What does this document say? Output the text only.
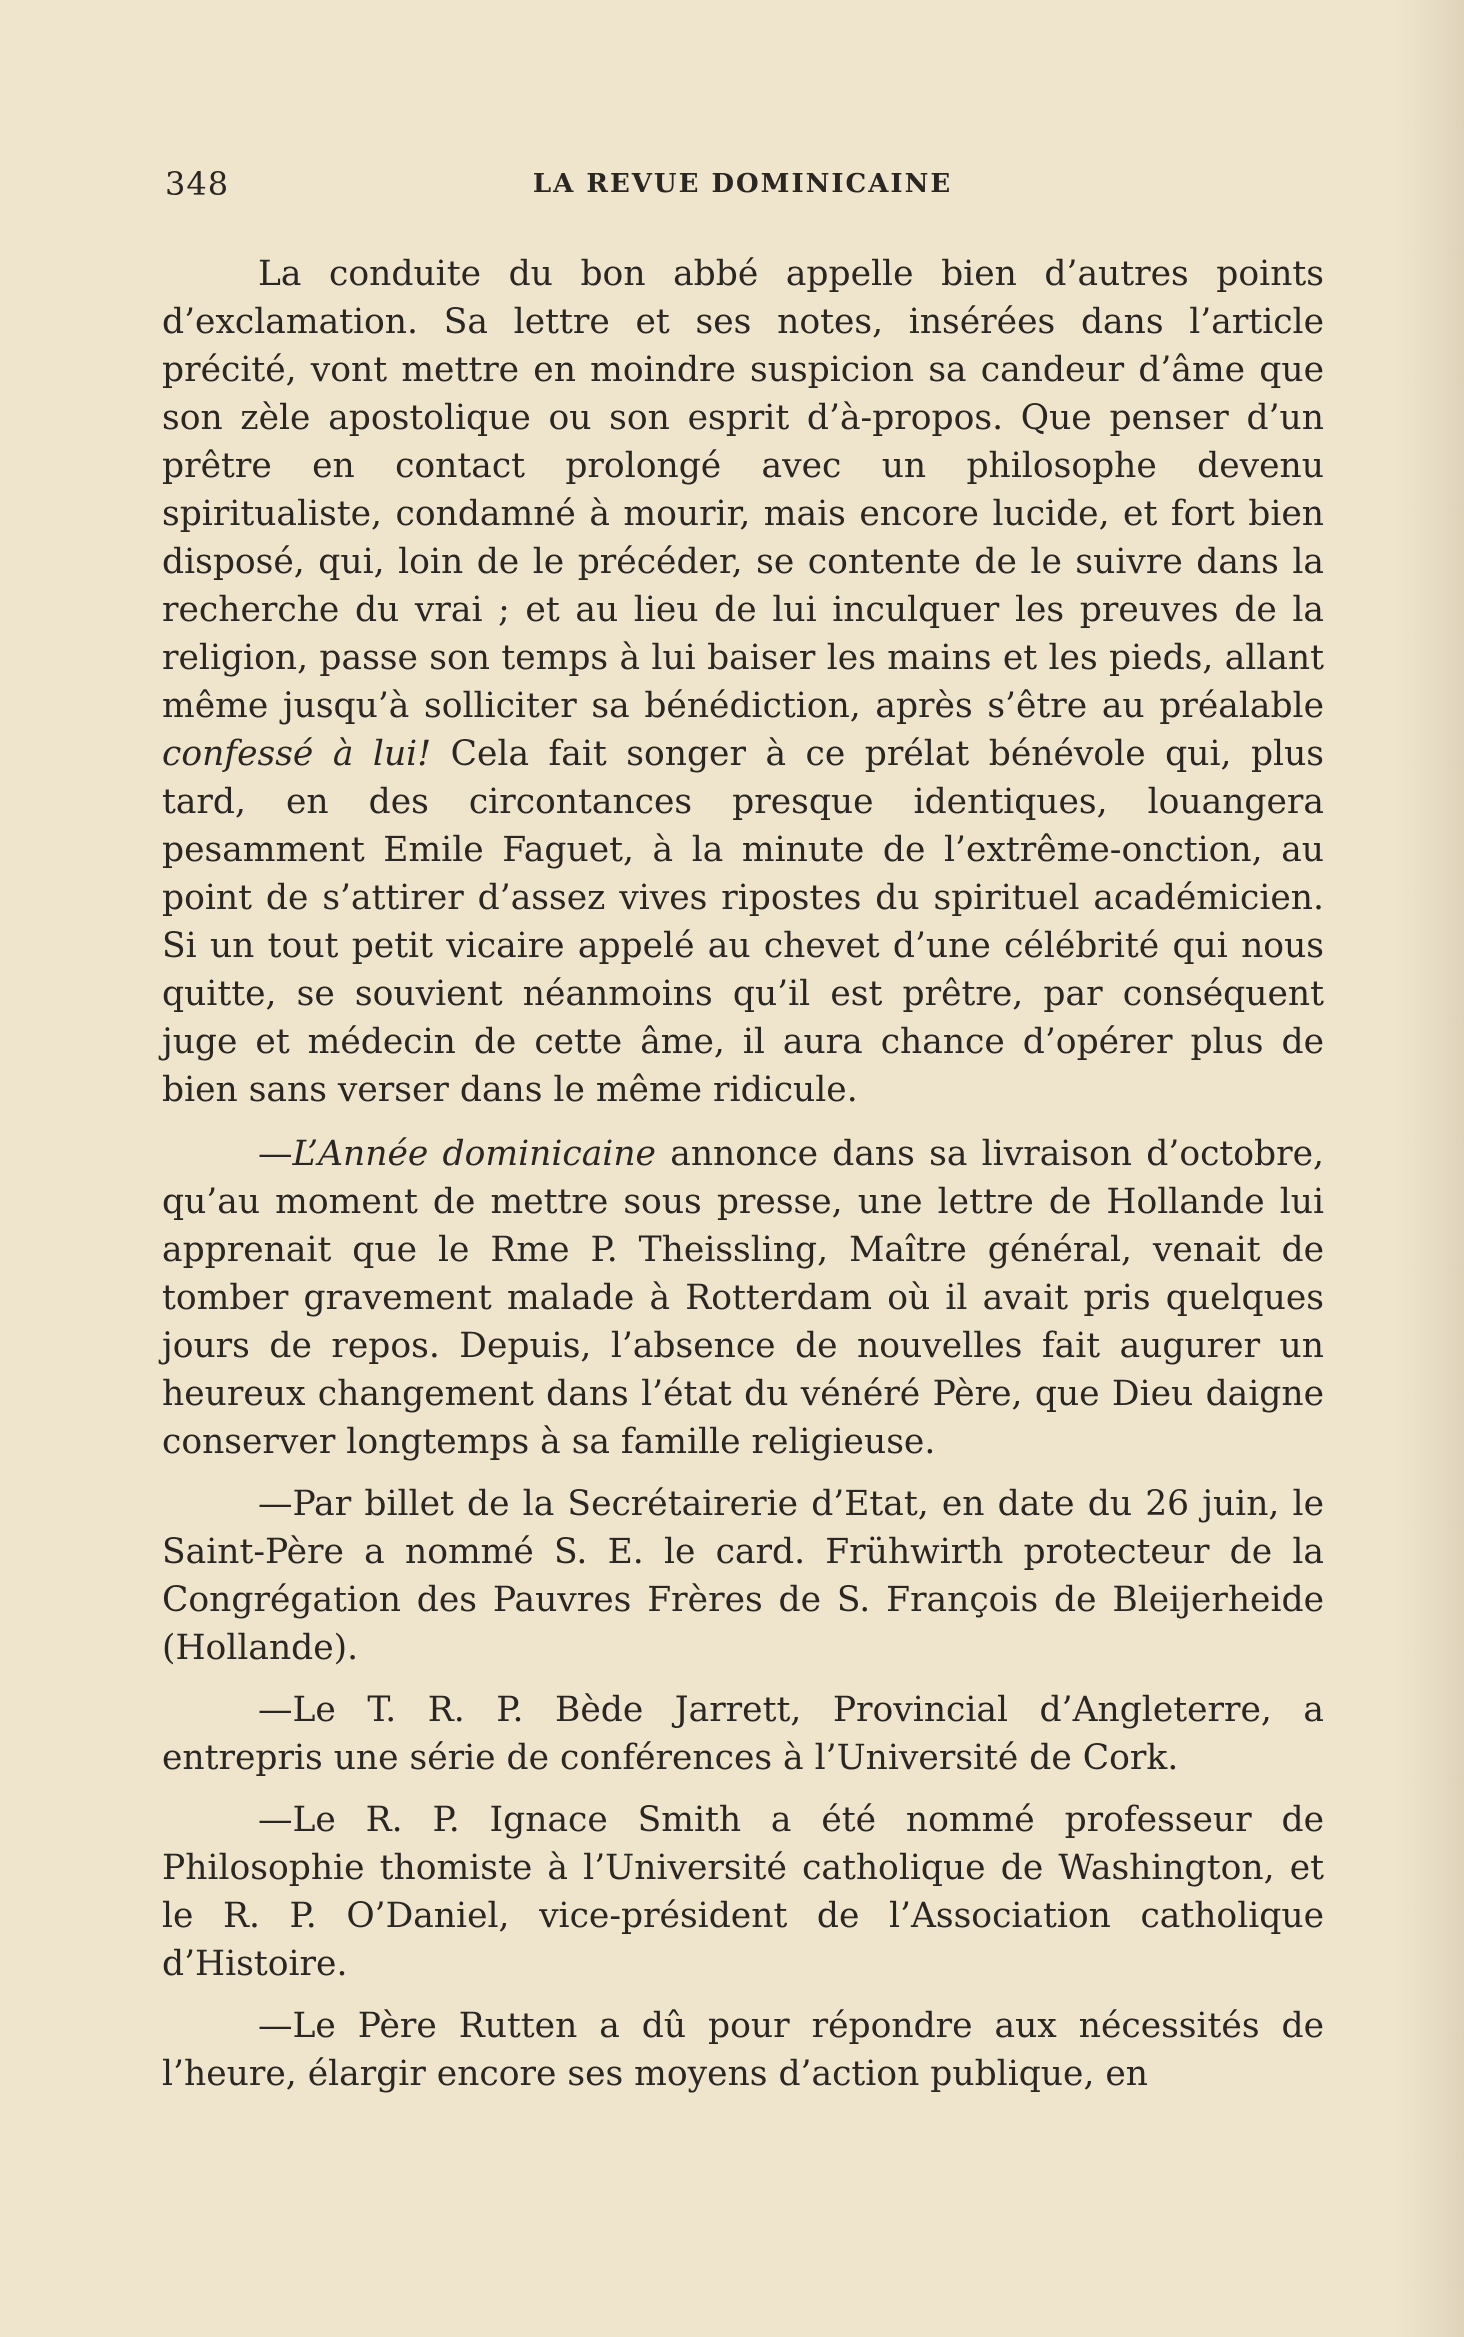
348	LA REVUE DOMINICAINE

La conduite du bon abbé appelle bien d’autres points d’exclamation. Sa lettre et ses notes, insérées dans l’article précité, vont mettre en moindre suspicion sa candeur d’âme que son zèle apostolique ou son esprit d’à-propos. Que penser d’un prêtre en contact prolongé avec un philosophe devenu spiritualiste, condamné à mourir, mais encore lucide, et fort bien disposé, qui, loin de le précéder, se contente de le suivre dans la recherche du vrai ; et au lieu de lui inculquer les preuves de la religion, passe son temps à lui baiser les mains et les pieds, allant même jusqu’à solliciter sa bénédiction, après s’être au préalable confessé à lui! Cela fait songer à ce prélat bénévole qui, plus tard, en des circontances presque identiques, louangera pesamment Emile Faguet, à la minute de l’extrême-onction, au point de s’attirer d’assez vives ripostes du spirituel académicien. Si un tout petit vicaire appelé au chevet d’une célébrité qui nous quitte, se souvient néanmoins qu’il est prêtre, par conséquent juge et médecin de cette âme, il aura chance d’opérer plus de bien sans verser dans le même ridicule.

—L’Année dominicaine annonce dans sa livraison d’octobre, qu’au moment de mettre sous presse, une lettre de Hollande lui apprenait que le Rme P. Theissling, Maître général, venait de tomber gravement malade à Rotterdam où il avait pris quelques jours de repos. Depuis, l’absence de nouvelles fait augurer un heureux changement dans l’état du vénéré Père, que Dieu daigne conserver longtemps à sa famille religieuse.

—Par billet de la Secrétairerie d’Etat, en date du 26 juin, le Saint-Père a nommé S. E. le card. Frühwirth protecteur de la Congrégation des Pauvres Frères de S. François de Bleijerheide (Hollande).

—Le T. R. P. Bède Jarrett, Provincial d’Angleterre, a entrepris une série de conférences à l’Université de Cork.

—Le R. P. Ignace Smith a été nommé professeur de Philosophie thomiste à l’Université catholique de Washington, et le R. P. O’Daniel, vice-président de l’Association catholique d’Histoire.

—Le Père Rutten a dû pour répondre aux nécessités de l’heure, élargir encore ses moyens d’action publique, en
